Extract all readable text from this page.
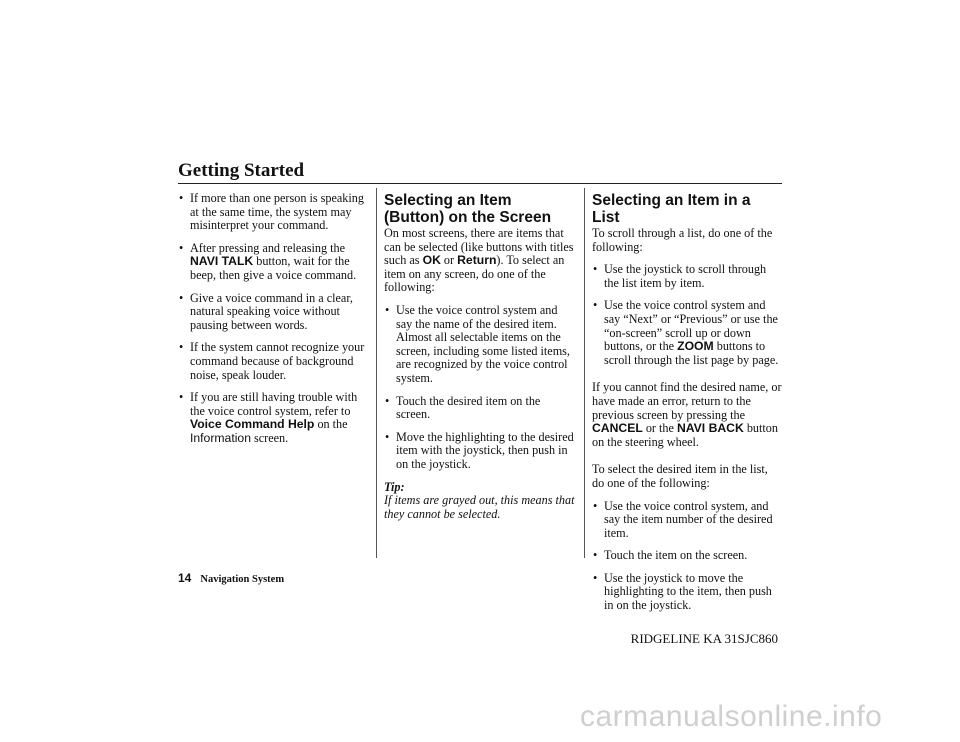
Getting Started
• If more than one person is speaking at the same time, the system may misinterpret your command.
• After pressing and releasing the NAVI TALK button, wait for the beep, then give a voice command.
• Give a voice command in a clear, natural speaking voice without pausing between words.
• If the system cannot recognize your command because of background noise, speak louder.
• If you are still having trouble with the voice control system, refer to Voice Command Help on the Information screen.
Selecting an Item (Button) on the Screen
On most screens, there are items that can be selected (like buttons with titles such as OK or Return). To select an item on any screen, do one of the following:
• Use the voice control system and say the name of the desired item. Almost all selectable items on the screen, including some listed items, are recognized by the voice control system.
• Touch the desired item on the screen.
• Move the highlighting to the desired item with the joystick, then push in on the joystick.
Tip:
If items are grayed out, this means that they cannot be selected.
Selecting an Item in a List
To scroll through a list, do one of the following:
• Use the joystick to scroll through the list item by item.
• Use the voice control system and say “Next” or “Previous” or use the “on-screen” scroll up or down buttons, or the ZOOM buttons to scroll through the list page by page.
If you cannot find the desired name, or have made an error, return to the previous screen by pressing the CANCEL or the NAVI BACK button on the steering wheel.
To select the desired item in the list, do one of the following:
• Use the voice control system, and say the item number of the desired item.
• Touch the item on the screen.
• Use the joystick to move the highlighting to the item, then push in on the joystick.
14 Navigation System
RIDGELINE KA 31SJC860
carmanualsonline.info
